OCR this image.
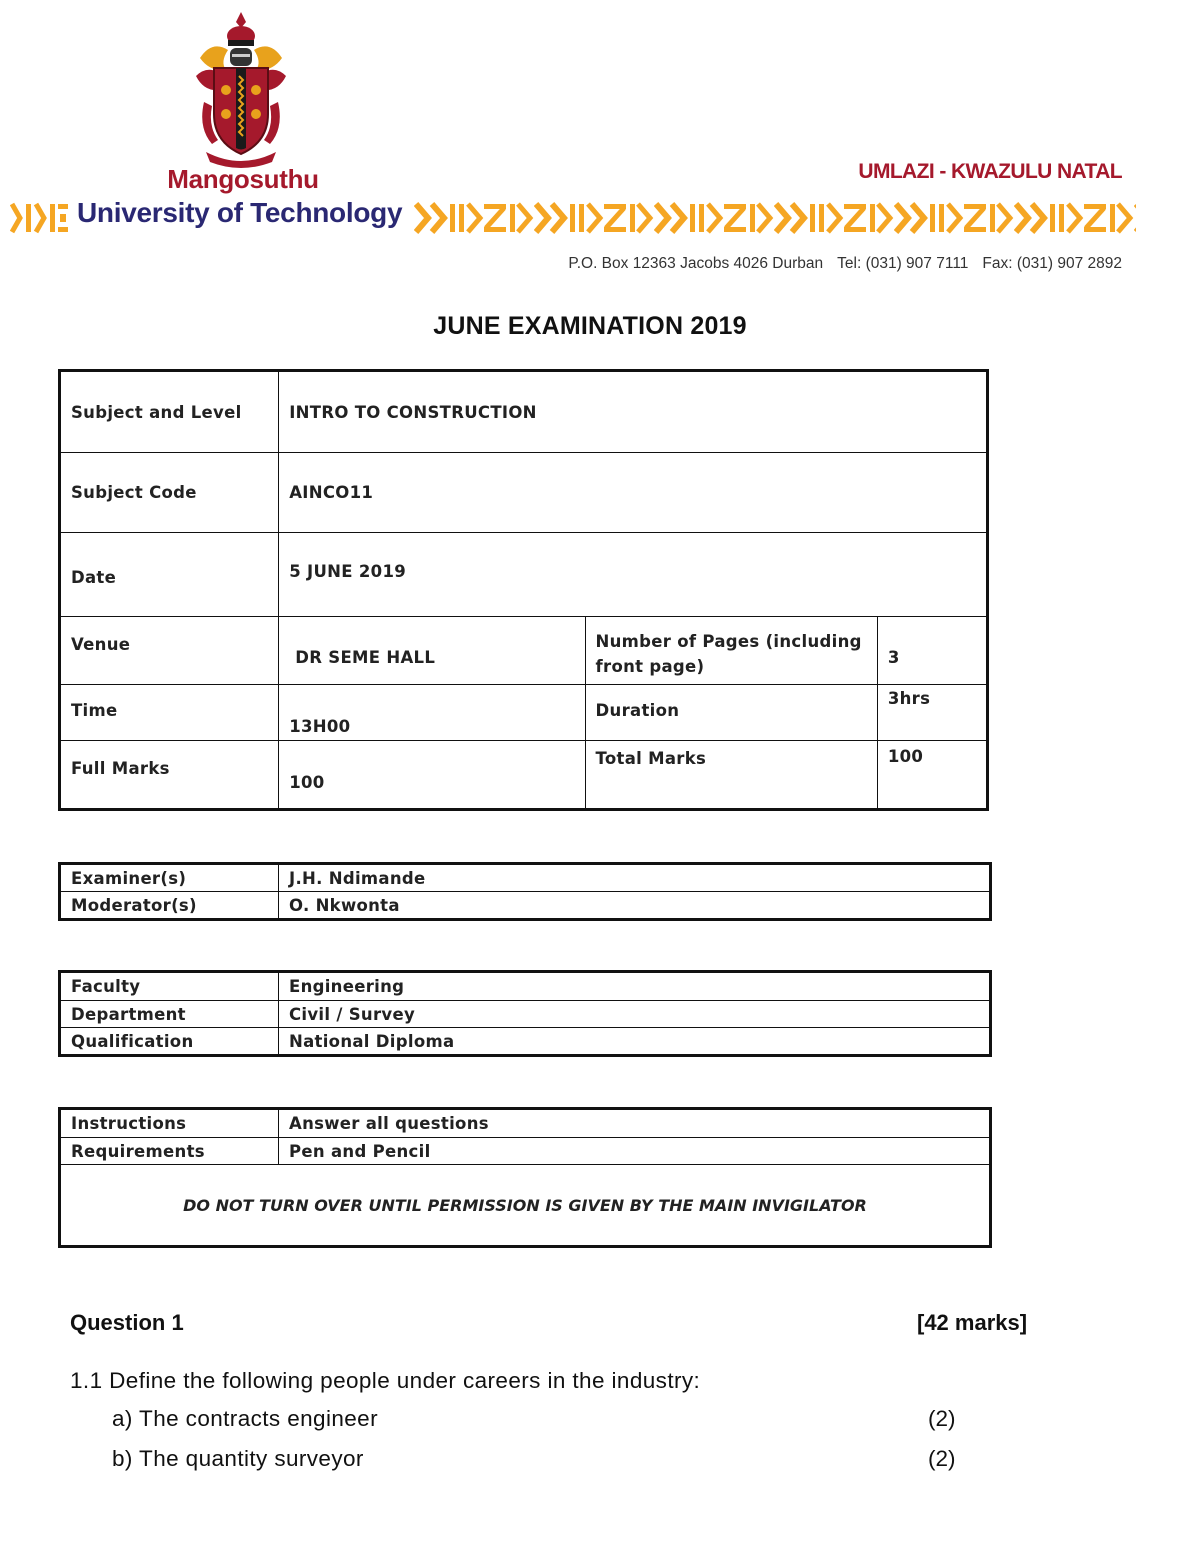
Mangosuthu
University of Technology
UMLAZI - KWAZULU NATAL
P.O. Box 12363 Jacobs 4026 Durban Tel: (031) 907 7111 Fax: (031) 907 2892
JUNE EXAMINATION 2019
Subject and Level	INTRO TO CONSTRUCTION		
Subject Code	AINCO11		
Date	5 JUNE 2019		
Venue	DR SEME HALL	Number of Pages (including front page)	3
Time	13H00	Duration	3hrs
Full Marks	100	Total Marks	100
Examiner(s)	J.H. Ndimande
Moderator(s)	O. Nkwonta
Faculty	Engineering
Department	Civil / Survey
Qualification	National Diploma
Instructions	Answer all questions
Requirements	Pen and Pencil
DO NOT TURN OVER UNTIL PERMISSION IS GIVEN BY THE MAIN INVIGILATOR	
Question 1	[42 marks]
1.1 Define the following people under careers in the industry:
a) The contracts engineer	(2)
b) The quantity surveyor	(2)
